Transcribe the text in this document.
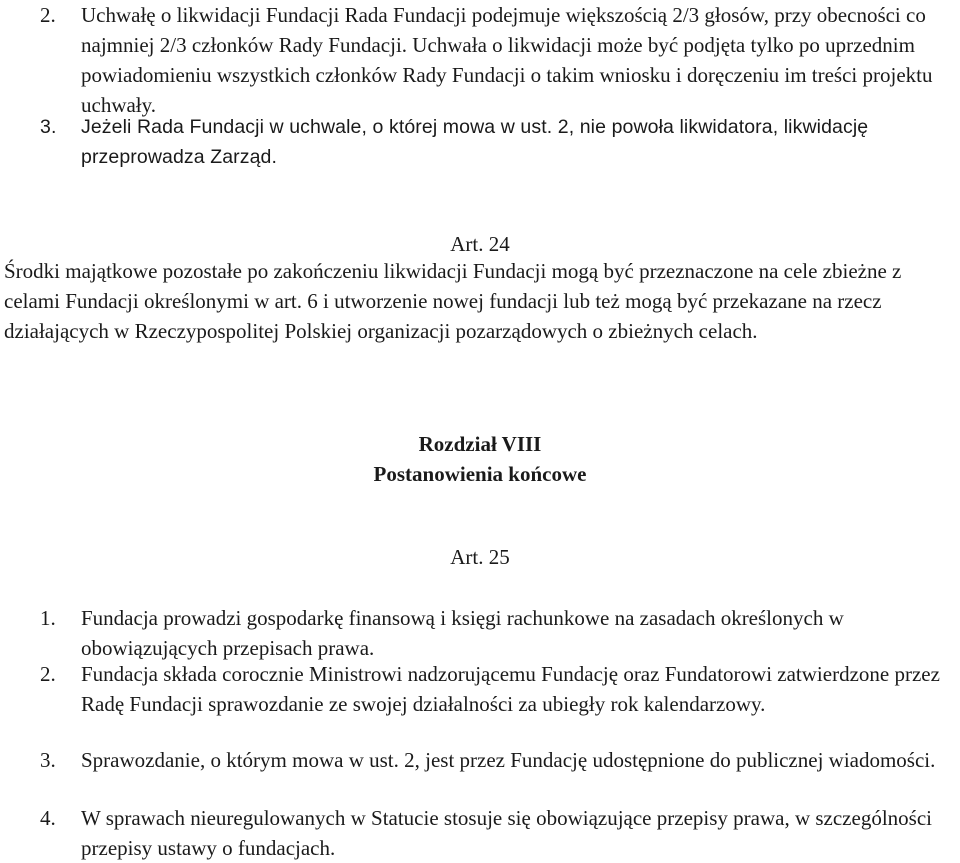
2. Uchwałę o likwidacji Fundacji Rada Fundacji podejmuje większością 2/3 głosów, przy obecności co najmniej 2/3 członków Rady Fundacji. Uchwała o likwidacji może być podjęta tylko po uprzednim powiadomieniu wszystkich członków Rady Fundacji o takim wniosku i doręczeniu im treści projektu uchwały.
3. Jeżeli Rada Fundacji w uchwale, o której mowa w ust. 2, nie powoła likwidatora, likwidację przeprowadza Zarząd.
Art. 24
Środki majątkowe pozostałe po zakończeniu likwidacji Fundacji mogą być przeznaczone na cele zbieżne z celami Fundacji określonymi w art. 6 i utworzenie nowej fundacji lub też mogą być przekazane na rzecz działających w Rzeczypospolitej Polskiej organizacji pozarządowych o zbieżnych celach.
Rozdział VIII
Postanowienia końcowe
Art. 25
1. Fundacja prowadzi gospodarkę finansową i księgi rachunkowe na zasadach określonych w obowiązujących przepisach prawa.
2. Fundacja składa corocznie Ministrowi nadzorującemu Fundację oraz Fundatorowi zatwierdzone przez Radę Fundacji sprawozdanie ze swojej działalności za ubiegły rok kalendarzowy.
3. Sprawozdanie, o którym mowa w ust. 2, jest przez Fundację udostępnione do publicznej wiadomości.
4. W sprawach nieuregulowanych w Statucie stosuje się obowiązujące przepisy prawa, w szczególności przepisy ustawy o fundacjach.
